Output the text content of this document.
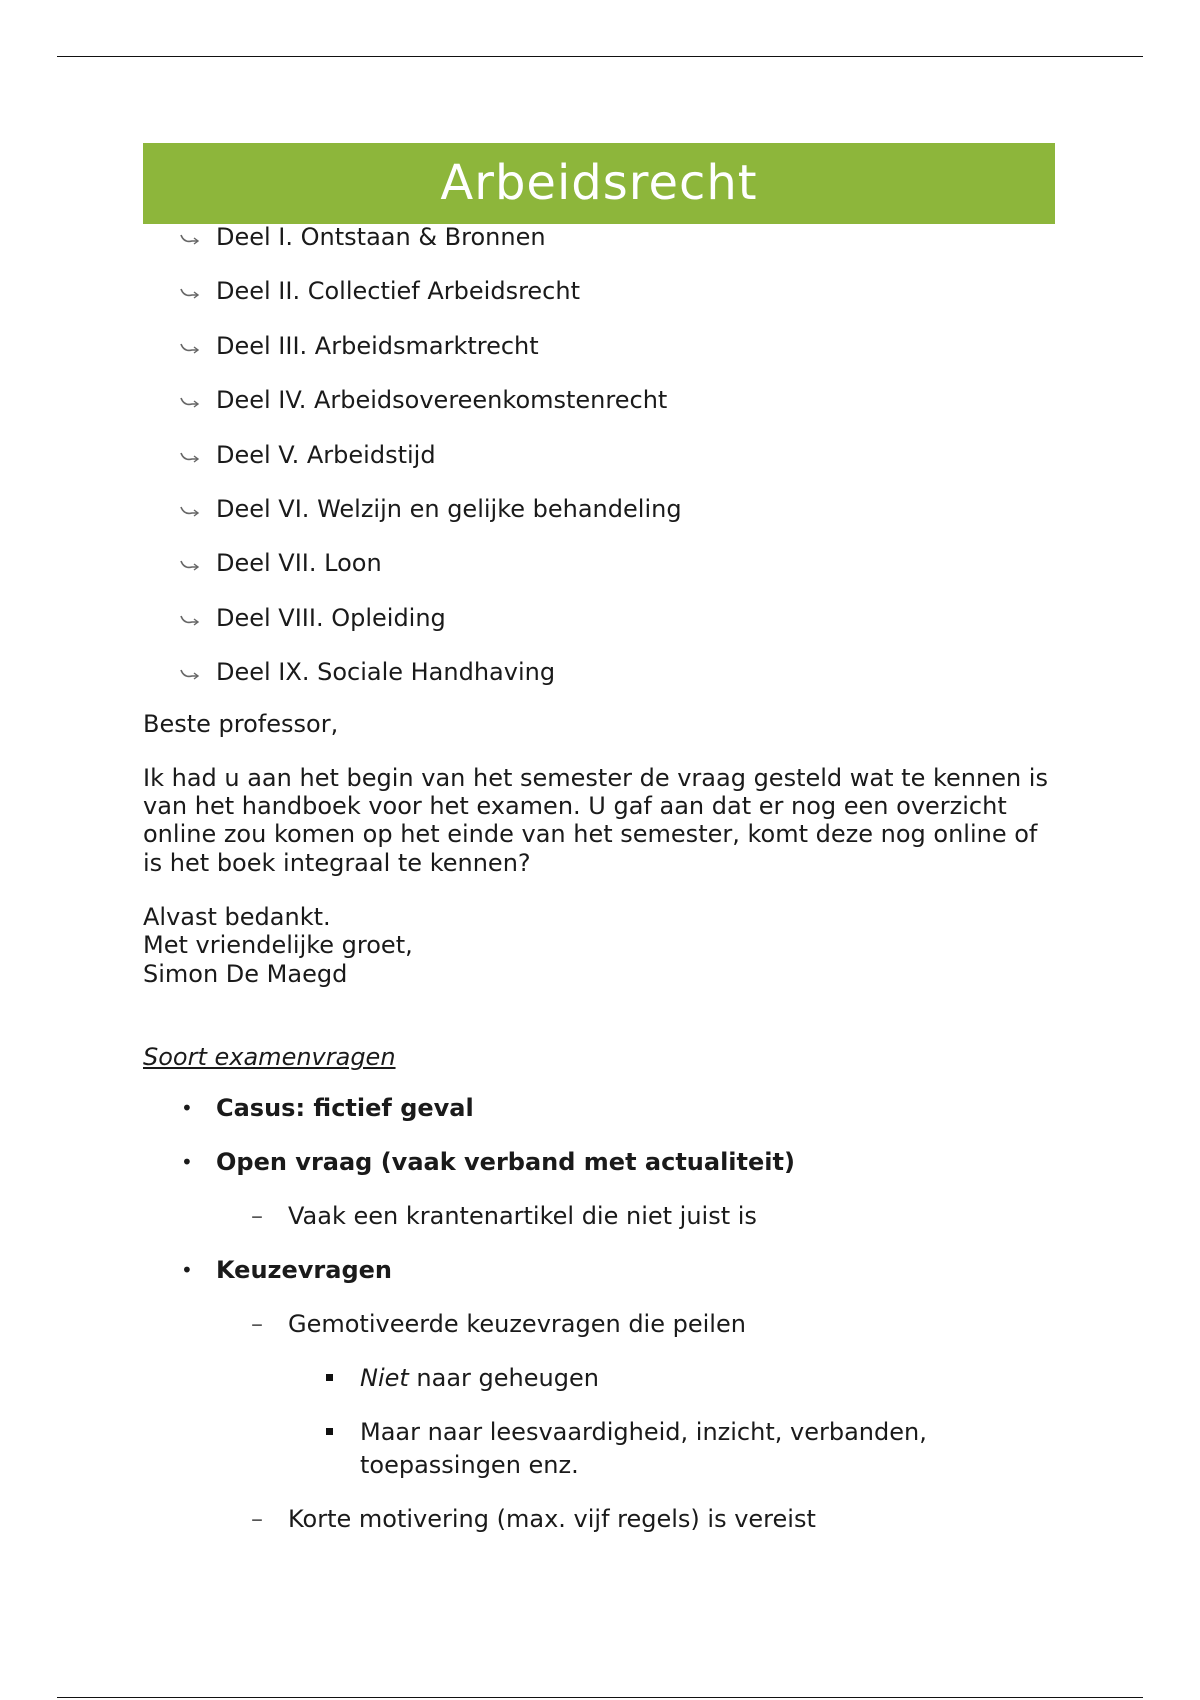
Arbeidsrecht
Deel I. Ontstaan & Bronnen
Deel II. Collectief Arbeidsrecht
Deel III. Arbeidsmarktrecht
Deel IV. Arbeidsovereenkomstenrecht
Deel V. Arbeidstijd
Deel VI. Welzijn en gelijke behandeling
Deel VII. Loon
Deel VIII. Opleiding
Deel IX. Sociale Handhaving

Beste professor,

Ik had u aan het begin van het semester de vraag gesteld wat te kennen is
van het handboek voor het examen. U gaf aan dat er nog een overzicht
online zou komen op het einde van het semester, komt deze nog online of
is het boek integraal te kennen?
Alvast bedankt.
Met vriendelijke groet,
Simon De Maegd
Soort examenvragen
• Casus: fictief geval
• Open vraag (vaak verband met actualiteit)
– Vaak een krantenartikel die niet juist is
• Keuzevragen
– Gemotiveerde keuzevragen die peilen
Niet naar geheugen
Maar naar leesvaardigheid, inzicht, verbanden,
toepassingen enz.
– Korte motivering (max. vijf regels) is vereist
